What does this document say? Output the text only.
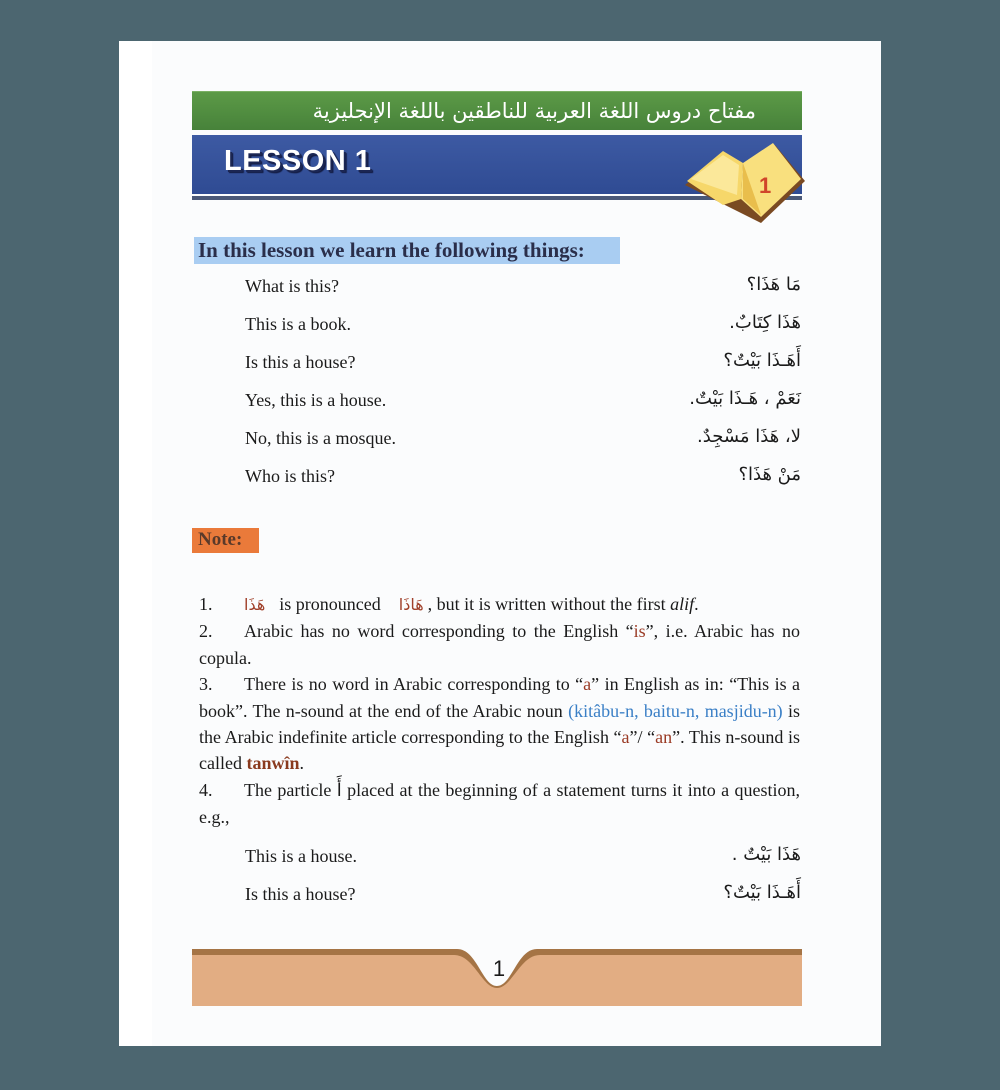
مفتاح دروس اللغة العربية للناطقين باللغة الإنجليزية
LESSON 1
1
In this lesson we learn the following things:
What is this?	مَا هَذَا؟
This is a book.	هَذَا كِتَابٌ.
Is this a house?	أَهَـذَا بَيْتٌ؟
Yes, this is a house.	نَعَمْ ، هَـذَا بَيْتٌ.
No, this is a mosque.	لا، هَذَا مَسْجِدٌ.
Who is this?	مَنْ هَذَا؟
Note:

1. هَذَا is pronounced هَاذَا , but it is written without the first alif.

2. Arabic has no word corresponding to the English “is”, i.e. Arabic has no copula.

3. There is no word in Arabic corresponding to “a” in English as in: “This is a book”. The n-sound at the end of the Arabic noun (kitâbu-n, baitu-n, masjidu-n) is the Arabic indefinite article corresponding to the English “a”/ “an”. This n-sound is called tanwîn.

4. The particle أَ placed at the beginning of a statement turns it into a question, e.g.,

This is a house.	هَذَا بَيْتٌ .
Is this a house?	أَهَـذَا بَيْتٌ؟
1
